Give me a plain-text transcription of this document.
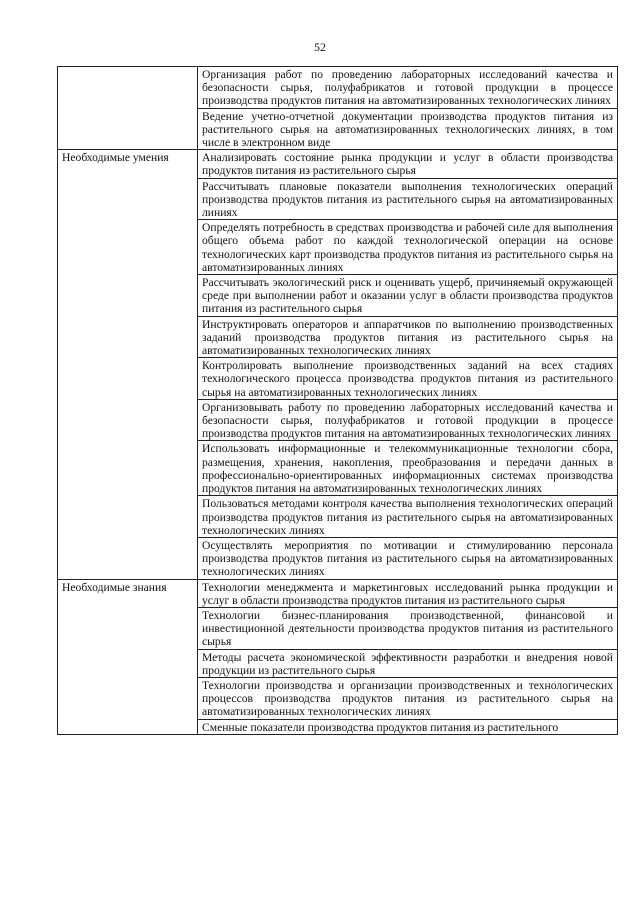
52
	Организация работ по проведению лабораторных исследований качества и безопасности сырья, полуфабрикатов и готовой продукции в процессе производства продуктов питания на автоматизированных технологических линиях
	Ведение учетно-отчетной документации производства продуктов питания из растительного сырья на автоматизированных технологических линиях, в том числе в электронном виде
Необходимые умения	Анализировать состояние рынка продукции и услуг в области производства продуктов питания из растительного сырья
	Рассчитывать плановые показатели выполнения технологических операций производства продуктов питания из растительного сырья на автоматизированных линиях
	Определять потребность в средствах производства и рабочей силе для выполнения общего объема работ по каждой технологической операции на основе технологических карт производства продуктов питания из растительного сырья на автоматизированных линиях
	Рассчитывать экологический риск и оценивать ущерб, причиняемый окружающей среде при выполнении работ и оказании услуг в области производства продуктов питания из растительного сырья
	Инструктировать операторов и аппаратчиков по выполнению производственных заданий производства продуктов питания из растительного сырья на автоматизированных технологических линиях
	Контролировать выполнение производственных заданий на всех стадиях технологического процесса производства продуктов питания из растительного сырья на автоматизированных технологических линиях
	Организовывать работу по проведению лабораторных исследований качества и безопасности сырья, полуфабрикатов и готовой продукции в процессе производства продуктов питания на автоматизированных технологических линиях
	Использовать информационные и телекоммуникационные технологии сбора, размещения, хранения, накопления, преобразования и передачи данных в профессионально-ориентированных информационных системах производства продуктов питания на автоматизированных технологических линиях
	Пользоваться методами контроля качества выполнения технологических операций производства продуктов питания из растительного сырья на автоматизированных технологических линиях
	Осуществлять мероприятия по мотивации и стимулированию персонала производства продуктов питания из растительного сырья на автоматизированных технологических линиях
Необходимые знания	Технологии менеджмента и маркетинговых исследований рынка продукции и услуг в области производства продуктов питания из растительного сырья
	Технологии бизнес-планирования производственной, финансовой и инвестиционной деятельности производства продуктов питания из растительного сырья
	Методы расчета экономической эффективности разработки и внедрения новой продукции из растительного сырья
	Технологии производства и организации производственных и технологических процессов производства продуктов питания из растительного сырья на автоматизированных технологических линиях
	Сменные показатели производства продуктов питания из растительного
